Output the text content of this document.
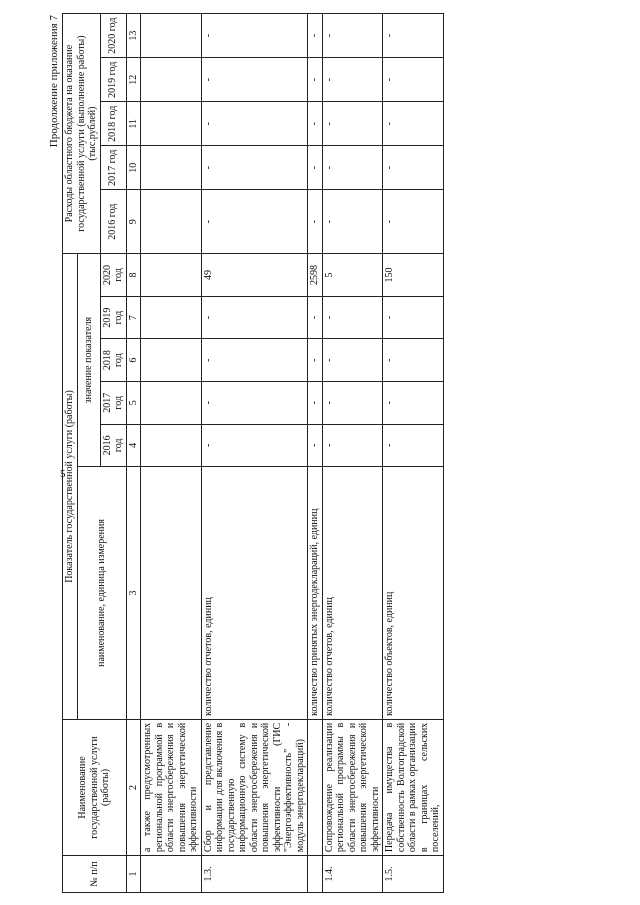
5
Продолжение приложения 7
№ п/п	Наименование государственной услуги (работы)	Показатель государственной услуги (работы)						Расходы областного бюджета на оказание государственной услуги (выполнение работы) (тыс.рублей)				
		наименование, единица измерения	значение показателя									
			2016 год	2017 год	2018 год	2019 год	2020 год	2016 год	2017 год	2018 год	2019 год	2020 год
1	2	3	4	5	6	7	8	9	10	11	12	13
	а также предусмотренных региональной программой в области энергосбережения и повышения энергетической эффективности											
1.3.	Сбор и представление информации для включения в государственную информационную систему в области энергосбережения и повышения энергетической эффективности (ГИС "Энергоэффективность" - модуль энергодеклараций)	количество отчетов, единиц	-	-	-	-	49	-	-	-	-	-
		количество принятых энергодеклараций, единиц	-	-	-	-	2598	-	-	-	-	-
1.4.	Сопровождение реализации региональной программы в области энергосбережения и повышения энергетической эффективности	количество отчетов, единиц	-	-	-	-	5	-	-	-	-	-
1.5.	Передача имущества в собственность Волгоградской области в рамках организации в границах сельских поселений,	количество объектов, единиц	-	-	-	-	150	-	-	-	-	-
